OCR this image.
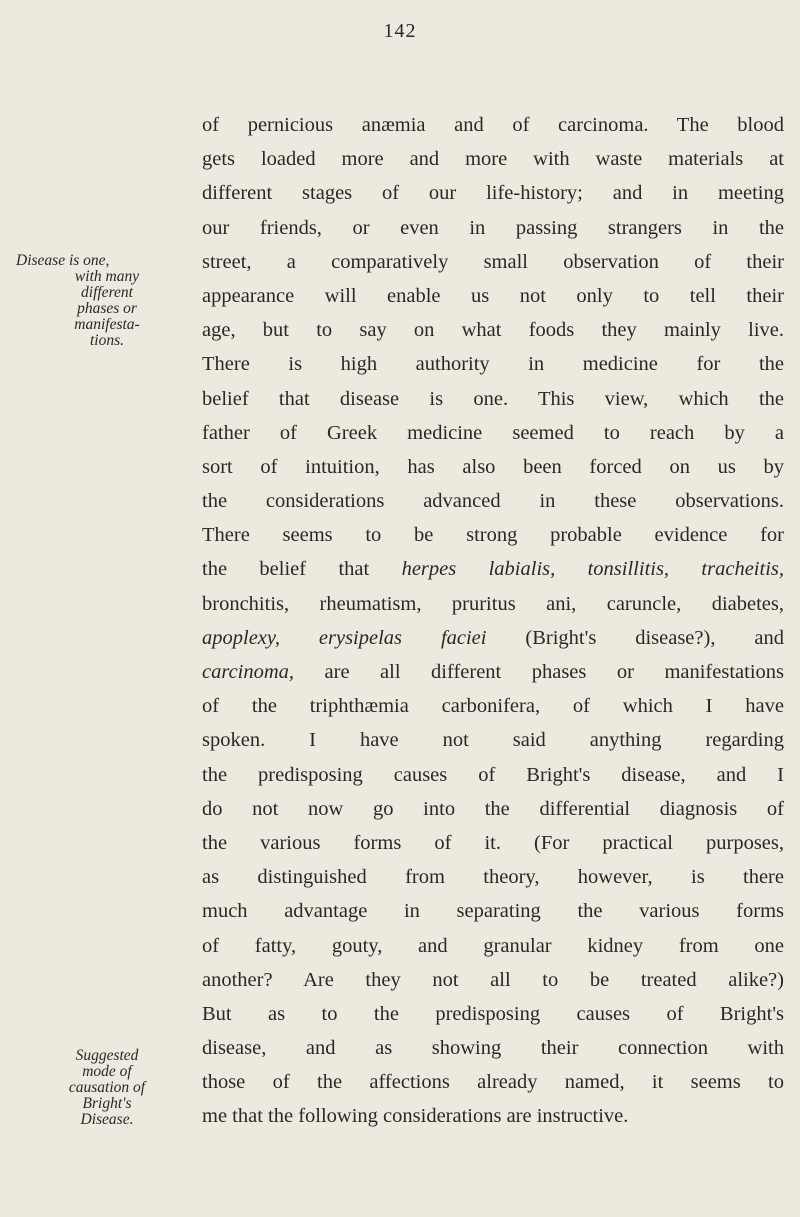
142
Disease is one,
with many
different
phases or
manifesta-
tions.
Suggested
mode of
causation of
Bright's
Disease.
of pernicious anæmia and of carcinoma. The blood
gets loaded more and more with waste materials at
different stages of our life-history; and in meeting
our friends, or even in passing strangers in the
street, a comparatively small observation of their
appearance will enable us not only to tell their
age, but to say on what foods they mainly live.
There is high authority in medicine for the
belief that disease is one. This view, which the
father of Greek medicine seemed to reach by a
sort of intuition, has also been forced on us by
the considerations advanced in these observations.
There seems to be strong probable evidence for
the belief that herpes labialis, tonsillitis, tracheitis,
bronchitis, rheumatism, pruritus ani, caruncle, diabetes,
apoplexy, erysipelas faciei (Bright's disease?), and
carcinoma, are all different phases or manifestations
of the triphthæmia carbonifera, of which I have
spoken. I have not said anything regarding
the predisposing causes of Bright's disease, and I
do not now go into the differential diagnosis of
the various forms of it. (For practical purposes,
as distinguished from theory, however, is there
much advantage in separating the various forms
of fatty, gouty, and granular kidney from one
another? Are they not all to be treated alike?)
But as to the predisposing causes of Bright's
disease, and as showing their connection with
those of the affections already named, it seems to
me that the following considerations are instructive.
